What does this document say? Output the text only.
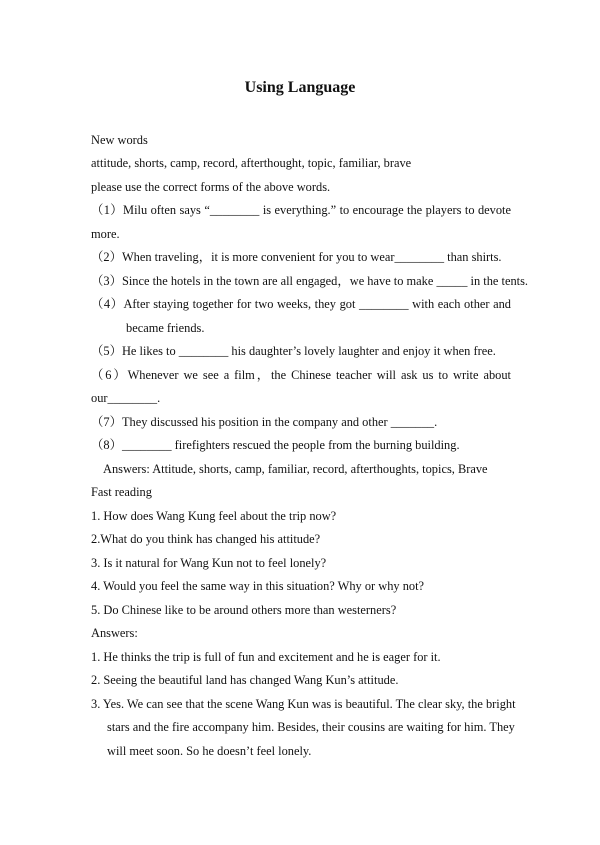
Using Language
New words
attitude, shorts, camp, record, afterthought, topic, familiar, brave
please use the correct forms of the above words.
（1）Milu often says “________ is everything.” to encourage the players to devote
more.
（2）When traveling，it is more convenient for you to wear________ than shirts.
（3）Since the hotels in the town are all engaged，we have to make _____ in the tents.
（4）After staying together for two weeks, they got ________ with each other and
became friends.
（5）He likes to ________ his daughter’s lovely laughter and enjoy it when free.
（6）Whenever we see a film，the Chinese teacher will ask us to write about
our________.
（7）They discussed his position in the company and other _______.
（8）________ firefighters rescued the people from the burning building.
Answers: Attitude, shorts, camp, familiar, record, afterthoughts, topics, Brave
Fast reading
1. How does Wang Kung feel about the trip now?
2.What do you think has changed his attitude?
3. Is it natural for Wang Kun not to feel lonely?
4. Would you feel the same way in this situation? Why or why not?
5. Do Chinese like to be around others more than westerners?
Answers:
1. He thinks the trip is full of fun and excitement and he is eager for it.
2. Seeing the beautiful land has changed Wang Kun’s attitude.
3. Yes. We can see that the scene Wang Kun was is beautiful. The clear sky, the bright
stars and the fire accompany him. Besides, their cousins are waiting for him. They
will meet soon. So he doesn’t feel lonely.
